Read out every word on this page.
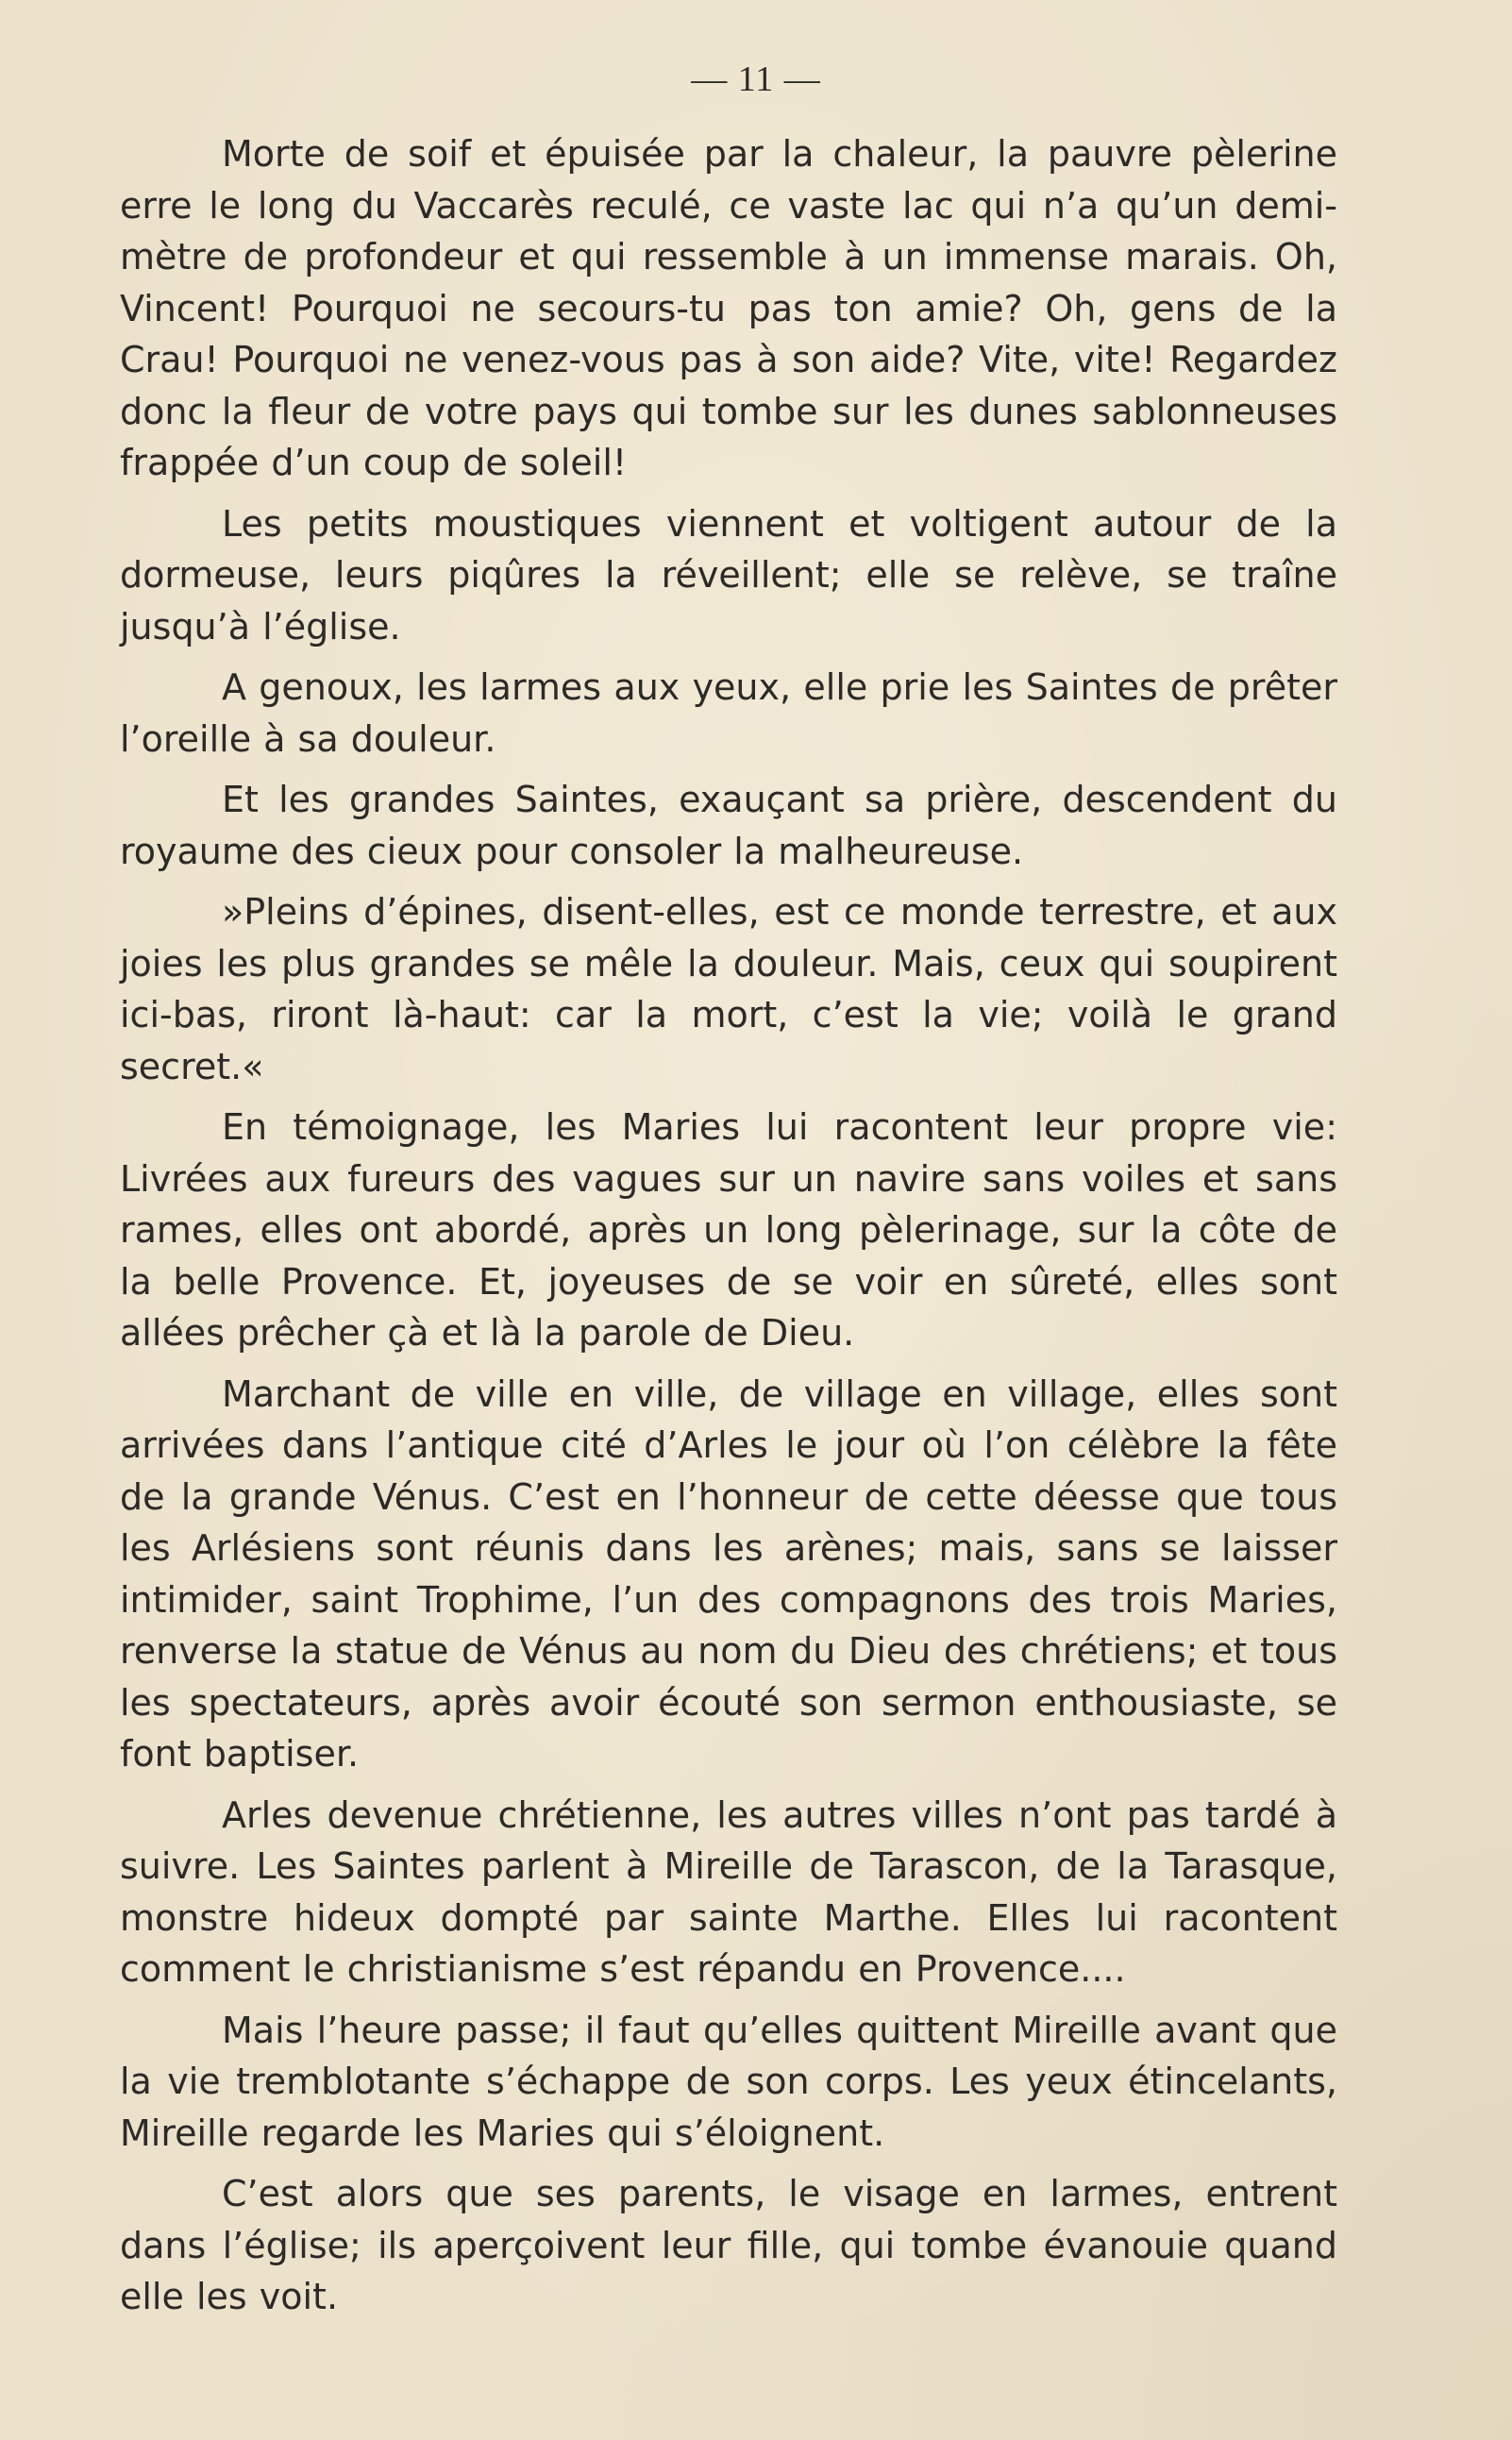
— 11 —

Morte de soif et épuisée par la chaleur, la pauvre pèlerine erre le long du Vaccarès reculé, ce vaste lac qui n’a qu’un demi-mètre de profondeur et qui ressemble à un immense marais. Oh, Vincent! Pourquoi ne secours-tu pas ton amie? Oh, gens de la Crau! Pourquoi ne venez-vous pas à son aide? Vite, vite! Regardez donc la fleur de votre pays qui tombe sur les dunes sablonneuses frappée d’un coup de soleil!

Les petits moustiques viennent et voltigent autour de la dormeuse, leurs piqûres la réveillent; elle se relève, se traîne jusqu’à l’église.

A genoux, les larmes aux yeux, elle prie les Saintes de prêter l’oreille à sa douleur.

Et les grandes Saintes, exauçant sa prière, descendent du royaume des cieux pour consoler la malheureuse.

»Pleins d’épines, disent-elles, est ce monde terrestre, et aux joies les plus grandes se mêle la douleur. Mais, ceux qui soupirent ici-bas, riront là-haut: car la mort, c’est la vie; voilà le grand secret.«

En témoignage, les Maries lui racontent leur propre vie: Livrées aux fureurs des vagues sur un navire sans voiles et sans rames, elles ont abordé, après un long pèlerinage, sur la côte de la belle Provence. Et, joyeuses de se voir en sûreté, elles sont allées prêcher çà et là la parole de Dieu.

Marchant de ville en ville, de village en village, elles sont arrivées dans l’antique cité d’Arles le jour où l’on célèbre la fête de la grande Vénus. C’est en l’honneur de cette déesse que tous les Arlésiens sont réunis dans les arènes; mais, sans se laisser intimider, saint Trophime, l’un des compagnons des trois Maries, renverse la statue de Vénus au nom du Dieu des chrétiens; et tous les spectateurs, après avoir écouté son sermon enthousiaste, se font baptiser.

Arles devenue chrétienne, les autres villes n’ont pas tardé à suivre. Les Saintes parlent à Mireille de Tarascon, de la Tarasque, monstre hideux dompté par sainte Marthe. Elles lui racontent comment le christianisme s’est répandu en Provence....

Mais l’heure passe; il faut qu’elles quittent Mireille avant que la vie tremblotante s’échappe de son corps. Les yeux étincelants, Mireille regarde les Maries qui s’éloignent.

C’est alors que ses parents, le visage en larmes, entrent dans l’église; ils aperçoivent leur fille, qui tombe évanouie quand elle les voit.
